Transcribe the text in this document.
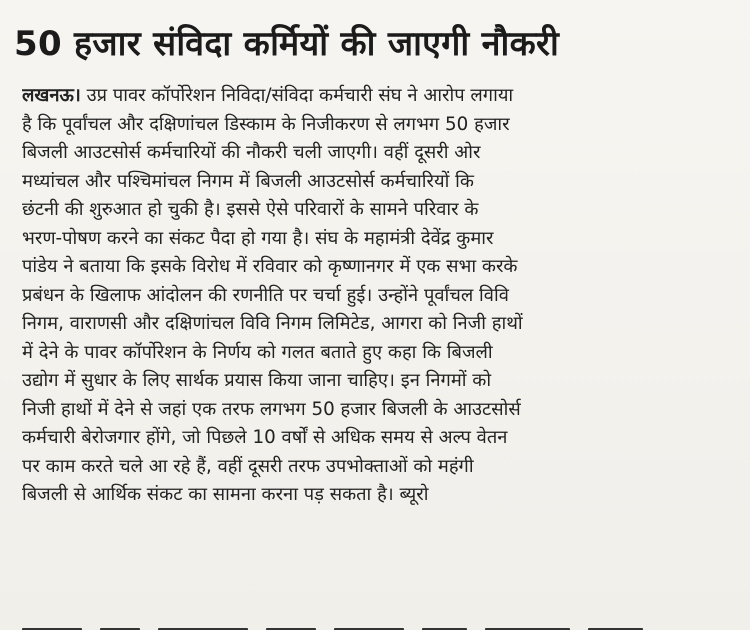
50 हजार संविदा कर्मियों की जाएगी नौकरी
लखनऊ। उप्र पावर कॉर्पोरेशन निविदा/संविदा कर्मचारी संघ ने आरोप लगाया
है कि पूर्वांचल और दक्षिणांचल डिस्काम के निजीकरण से लगभग 50 हजार
बिजली आउटसोर्स कर्मचारियों की नौकरी चली जाएगी। वहीं दूसरी ओर
मध्यांचल और पश्चिमांचल निगम में बिजली आउटसोर्स कर्मचारियों कि
छंटनी की शुरुआत हो चुकी है। इससे ऐसे परिवारों के सामने परिवार के
भरण-पोषण करने का संकट पैदा हो गया है। संघ के महामंत्री देवेंद्र कुमार
पांडेय ने बताया कि इसके विरोध में रविवार को कृष्णानगर में एक सभा करके
प्रबंधन के खिलाफ आंदोलन की रणनीति पर चर्चा हुई। उन्होंने पूर्वांचल विवि
निगम, वाराणसी और दक्षिणांचल विवि निगम लिमिटेड, आगरा को निजी हाथों
में देने के पावर कॉर्पोरेशन के निर्णय को गलत बताते हुए कहा कि बिजली
उद्योग में सुधार के लिए सार्थक प्रयास किया जाना चाहिए। इन निगमों को
निजी हाथों में देने से जहां एक तरफ लगभग 50 हजार बिजली के आउटसोर्स
कर्मचारी बेरोजगार होंगे, जो पिछले 10 वर्षों से अधिक समय से अल्प वेतन
पर काम करते चले आ रहे हैं, वहीं दूसरी तरफ उपभोक्ताओं को महंगी
बिजली से आर्थिक संकट का सामना करना पड़ सकता है। ब्यूरो
